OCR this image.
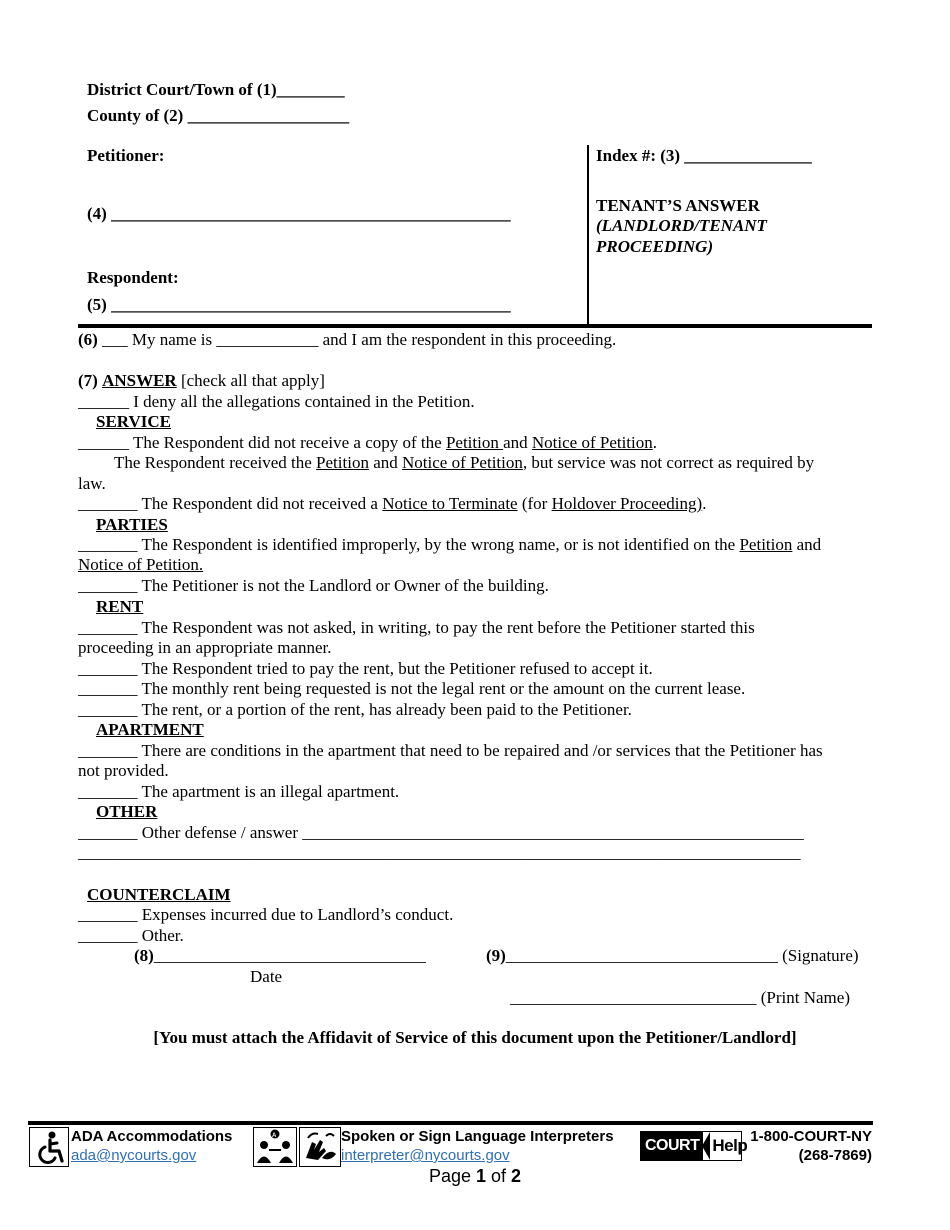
District Court/Town of (1)________
County of (2) ___________________
Petitioner:
(4) _______________________________________________
Respondent:
(5) _______________________________________________
Index #: (3) _______________
TENANT’S ANSWER
(LANDLORD/TENANT
PROCEEDING)
(6) ___ My name is ____________ and I am the respondent in this proceeding.
(7) ANSWER [check all that apply]
______ I deny all the allegations contained in the Petition.
SERVICE
______ The Respondent did not receive a copy of the Petition and Notice of Petition.
The Respondent received the Petition and Notice of Petition, but service was not correct as required by
law.
_______ The Respondent did not received a Notice to Terminate (for Holdover Proceeding).
PARTIES
_______ The Respondent is identified improperly, by the wrong name, or is not identified on the Petition and
Notice of Petition.
_______ The Petitioner is not the Landlord or Owner of the building.
RENT
_______ The Respondent was not asked, in writing, to pay the rent before the Petitioner started this
proceeding in an appropriate manner.
_______ The Respondent tried to pay the rent, but the Petitioner refused to accept it.
_______ The monthly rent being requested is not the legal rent or the amount on the current lease.
_______ The rent, or a portion of the rent, has already been paid to the Petitioner.
APARTMENT
_______ There are conditions in the apartment that need to be repaired and /or services that the Petitioner has
not provided.
_______ The apartment is an illegal apartment.
OTHER
_______ Other defense / answer ___________________________________________________________
_____________________________________________________________________________________
COUNTERCLAIM
_______ Expenses incurred due to Landlord’s conduct.
_______ Other.
(8)________________________________
Date
(9)________________________________ (Signature)
_____________________________ (Print Name)
[You must attach the Affidavit of Service of this document upon the Petitioner/Landlord]
ADA Accommodations
ada@nycourts.gov
A	Spoken or Sign Language Interpreters
interpreter@nycourts.gov
COURT Help 1-800-COURT-NY
(268-7869)
Page 1 of 2
